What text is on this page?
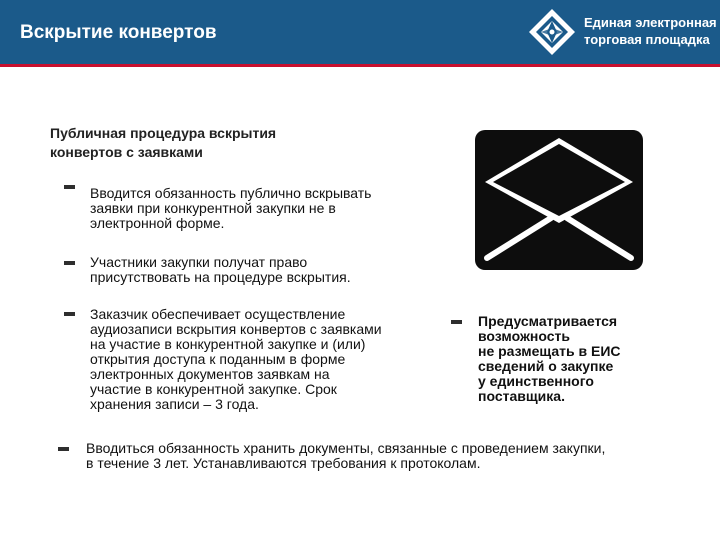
Вскрытие конвертов	Единая электронная
торговая площадка
Публичная процедура вскрытия
конвертов с заявками
Вводится обязанность публично вскрывать
заявки при конкурентной закупки не в
электронной форме.
Участники закупки получат право
присутствовать на процедуре вскрытия.
Заказчик обеспечивает осуществление
аудиозаписи вскрытия конвертов с заявками
на участие в конкурентной закупке и (или)
открытия доступа к поданным в форме
электронных документов заявкам на
участие в конкурентной закупке. Срок
хранения записи – 3 года.
Предусматривается
возможность
не размещать в ЕИС
сведений о закупке
у единственного
поставщика.
Вводиться обязанность хранить документы, связанные с проведением закупки,
в течение 3 лет. Устанавливаются требования к протоколам.
